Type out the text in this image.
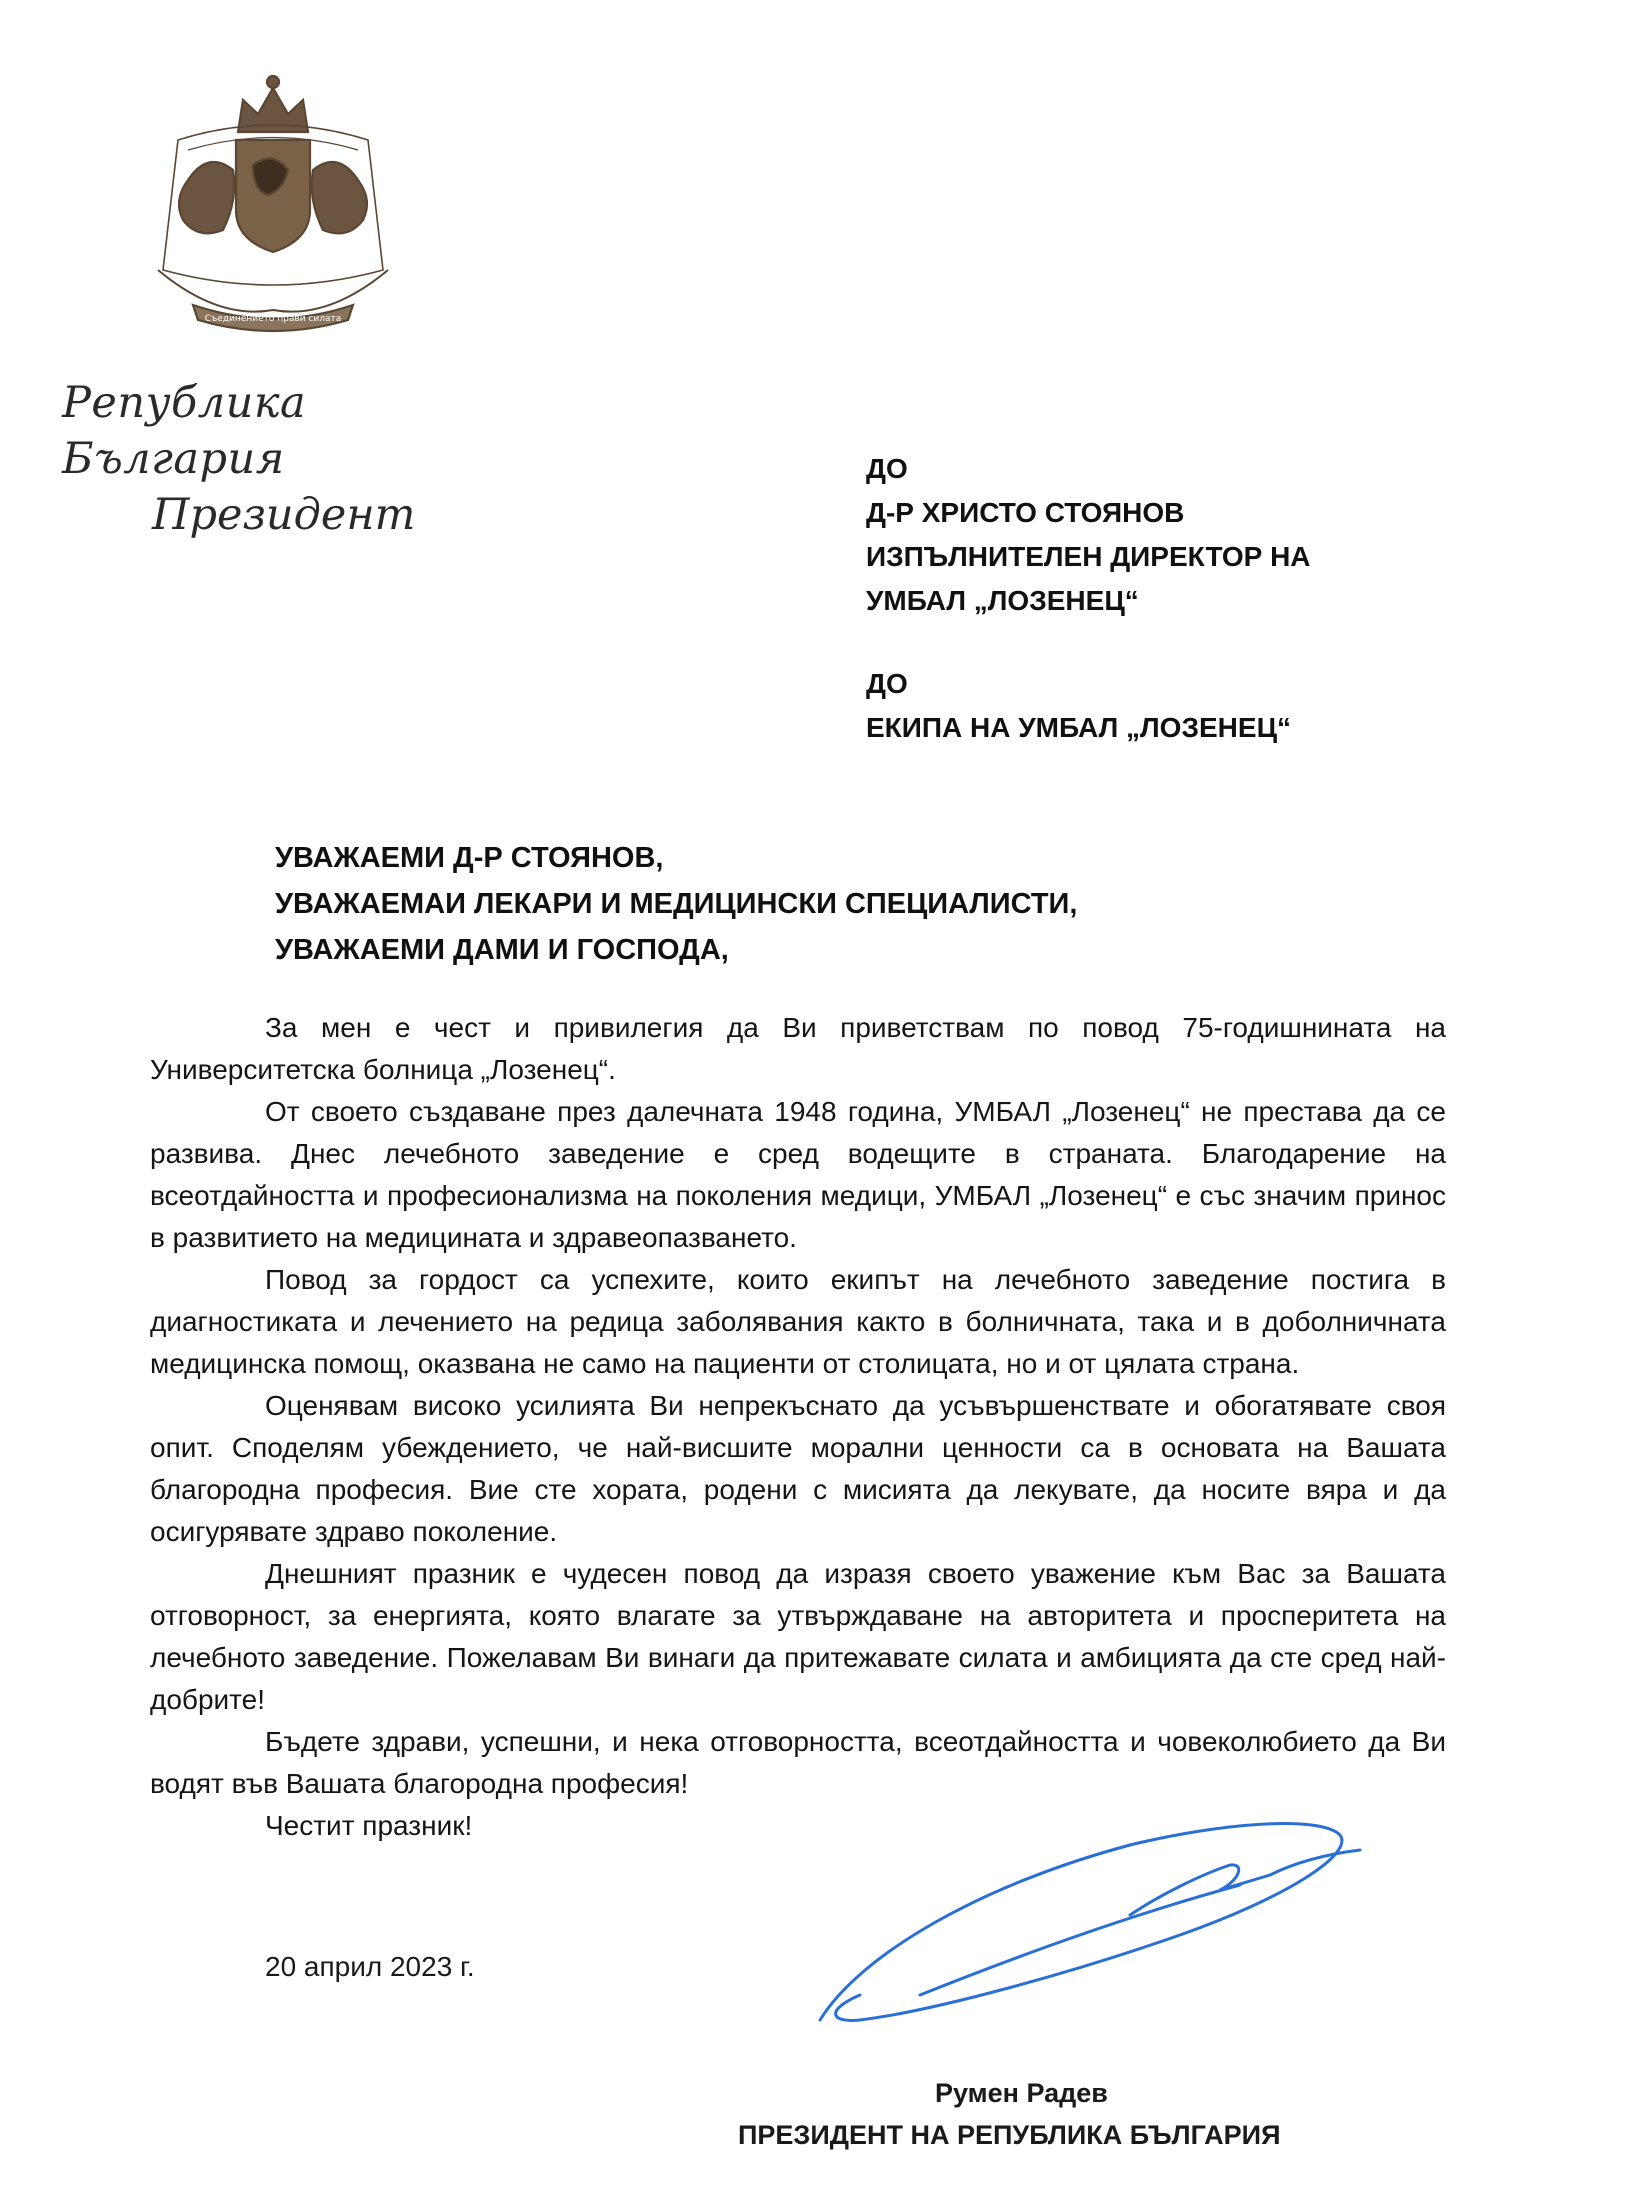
Съединението прави силата
Република България
Президент
ДО
Д-Р ХРИСТО СТОЯНОВ
ИЗПЪЛНИТЕЛЕН ДИРЕКТОР НА
УМБАЛ „ЛОЗЕНЕЦ“
ДО
ЕКИПА НА УМБАЛ „ЛОЗЕНЕЦ“
УВАЖАЕМИ Д-Р СТОЯНОВ,
УВАЖАЕМАИ ЛЕКАРИ И МЕДИЦИНСКИ СПЕЦИАЛИСТИ,
УВАЖАЕМИ ДАМИ И ГОСПОДА,

За мен е чест и привилегия да Ви приветствам по повод 75-годишнината на Университетска болница „Лозенец“.

От своето създаване през далечната 1948 година, УМБАЛ „Лозенец“ не престава да се развива. Днес лечебното заведение е сред водещите в страната. Благодарение на всеотдайността и професионализма на поколения медици, УМБАЛ „Лозенец“ е със значим принос в развитието на медицината и здравеопазването.

Повод за гордост са успехите, които екипът на лечебното заведение постига в диагностиката и лечението на редица заболявания както в болничната, така и в доболничната медицинска помощ, оказвана не само на пациенти от столицата, но и от цялата страна.

Оценявам високо усилията Ви непрекъснато да усъвършенствате и обогатявате своя опит. Споделям убеждението, че най-висшите морални ценности са в основата на Вашата благородна професия. Вие сте хората, родени с мисията да лекувате, да носите вяра и да осигурявате здраво поколение.

Днешният празник е чудесен повод да изразя своето уважение към Вас за Вашата отговорност, за енергията, която влагате за утвърждаване на авторитета и просперитета на лечебното заведение. Пожелавам Ви винаги да притежавате силата и амбицията да сте сред най-добрите!

Бъдете здрави, успешни, и нека отговорността, всеотдайността и човеколюбието да Ви водят във Вашата благородна професия!

Честит празник!

20 април 2023 г.
Румен Радев
ПРЕЗИДЕНТ НА РЕПУБЛИКА БЪЛГАРИЯ
